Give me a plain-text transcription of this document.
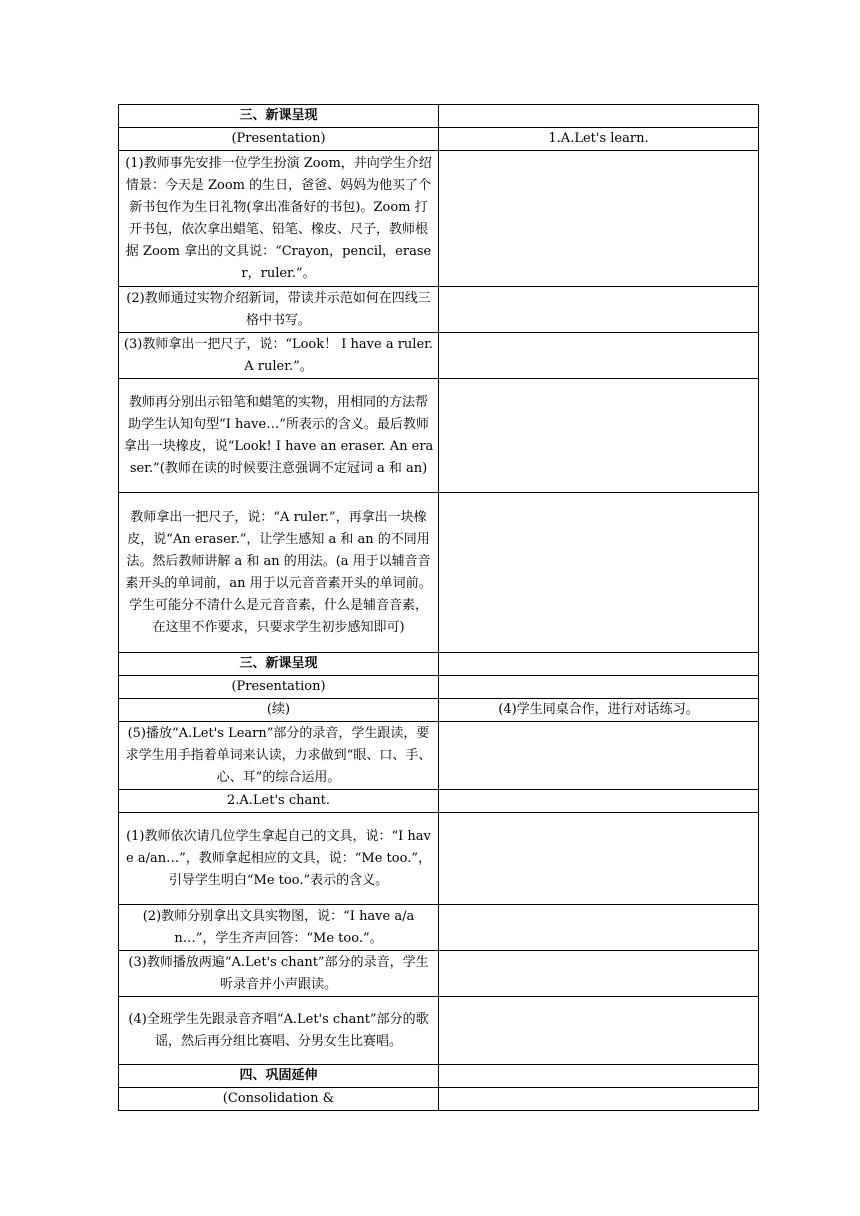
三、新课呈现	
(Presentation)	1.A.Let's learn.
(1)教师事先安排一位学生扮演 Zoom，并向学生介绍情景：今天是 Zoom 的生日，爸爸、妈妈为他买了个新书包作为生日礼物(拿出准备好的书包)。Zoom 打开书包，依次拿出蜡笔、铅笔、橡皮、尺子，教师根据 Zoom 拿出的文具说：“Crayon，pencil，eraser，ruler.”。	
(2)教师通过实物介绍新词，带读并示范如何在四线三格中书写。	
(3)教师拿出一把尺子，说：“Look！ I have a ruler. A ruler.”。	
教师再分别出示铅笔和蜡笔的实物，用相同的方法帮助学生认知句型“I have…”所表示的含义。最后教师拿出一块橡皮，说“Look! I have an eraser. An eraser.”(教师在读的时候要注意强调不定冠词 a 和 an)	
教师拿出一把尺子，说：“A ruler.”，再拿出一块橡皮，说“An eraser.”，让学生感知 a 和 an 的不同用法。然后教师讲解 a 和 an 的用法。(a 用于以辅音音素开头的单词前，an 用于以元音音素开头的单词前。学生可能分不清什么是元音音素，什么是辅音音素，在这里不作要求，只要求学生初步感知即可)	
三、新课呈现	
(Presentation)	
(续)	(4)学生同桌合作，进行对话练习。
(5)播放“A.Let's Learn”部分的录音，学生跟读，要求学生用手指着单词来认读，力求做到“眼、口、手、心、耳”的综合运用。	
2.A.Let's chant.	
(1)教师依次请几位学生拿起自己的文具，说：“I have a/an…”，教师拿起相应的文具，说：“Me too.”，引导学生明白“Me too.”表示的含义。	
(2)教师分别拿出文具实物图，说：“I have a/an…”，学生齐声回答：“Me too.”。	
(3)教师播放两遍“A.Let's chant”部分的录音，学生听录音并小声跟读。	
(4)全班学生先跟录音齐唱“A.Let's chant”部分的歌谣，然后再分组比赛唱、分男女生比赛唱。	
四、巩固延伸	
(Consolidation &	
